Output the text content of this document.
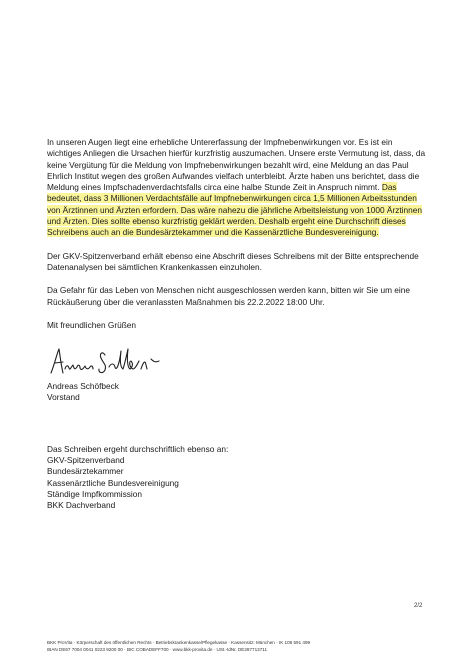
In unseren Augen liegt eine erhebliche Untererfassung der Impfnebenwirkungen vor. Es ist ein wichtiges Anliegen die Ursachen hierfür kurzfristig auszumachen. Unsere erste Vermutung ist, dass, da keine Vergütung für die Meldung von Impfnebenwirkungen bezahlt wird, eine Meldung an das Paul Ehrlich Institut wegen des großen Aufwandes vielfach unterbleibt. Ärzte haben uns berichtet, dass die Meldung eines Impfschadenverdachtsfalls circa eine halbe Stunde Zeit in Anspruch nimmt. Das bedeutet, dass 3 Millionen Verdachtsfälle auf Impfnebenwirkungen circa 1,5 Millionen Arbeitsstunden von Ärztinnen und Ärzten erfordern. Das wäre nahezu die jährliche Arbeitsleistung von 1000 Ärztinnen und Ärzten. Dies sollte ebenso kurzfristig geklärt werden. Deshalb ergeht eine Durchschrift dieses Schreibens auch an die Bundesärztekammer und die Kassenärztliche Bundesvereinigung.

Der GKV-Spitzenverband erhält ebenso eine Abschrift dieses Schreibens mit der Bitte entsprechende Datenanalysen bei sämtlichen Krankenkassen einzuholen.

Da Gefahr für das Leben von Menschen nicht ausgeschlossen werden kann, bitten wir Sie um eine Rückäußerung über die veranlassten Maßnahmen bis 22.2.2022 18:00 Uhr.

Mit freundlichen Grüßen

Andreas Schöfbeck
Vorstand
Das Schreiben ergeht durchschriftlich ebenso an:
GKV-Spitzenverband
Bundesärztekammer
Kassenärztliche Bundesvereinigung
Ständige Impfkommission
BKK Dachverband
2/2
BKK ProVita · Körperschaft des öffentlichen Rechts · Betriebskrankenkasse/Pflegekasse · Kassensitz: München · IK 108 591 499
IBAN DE67 7004 0041 0223 9200 00 · BIC COBADEFF700 · www.bkk-provita.de · USt.-IdNr. DE287713711
